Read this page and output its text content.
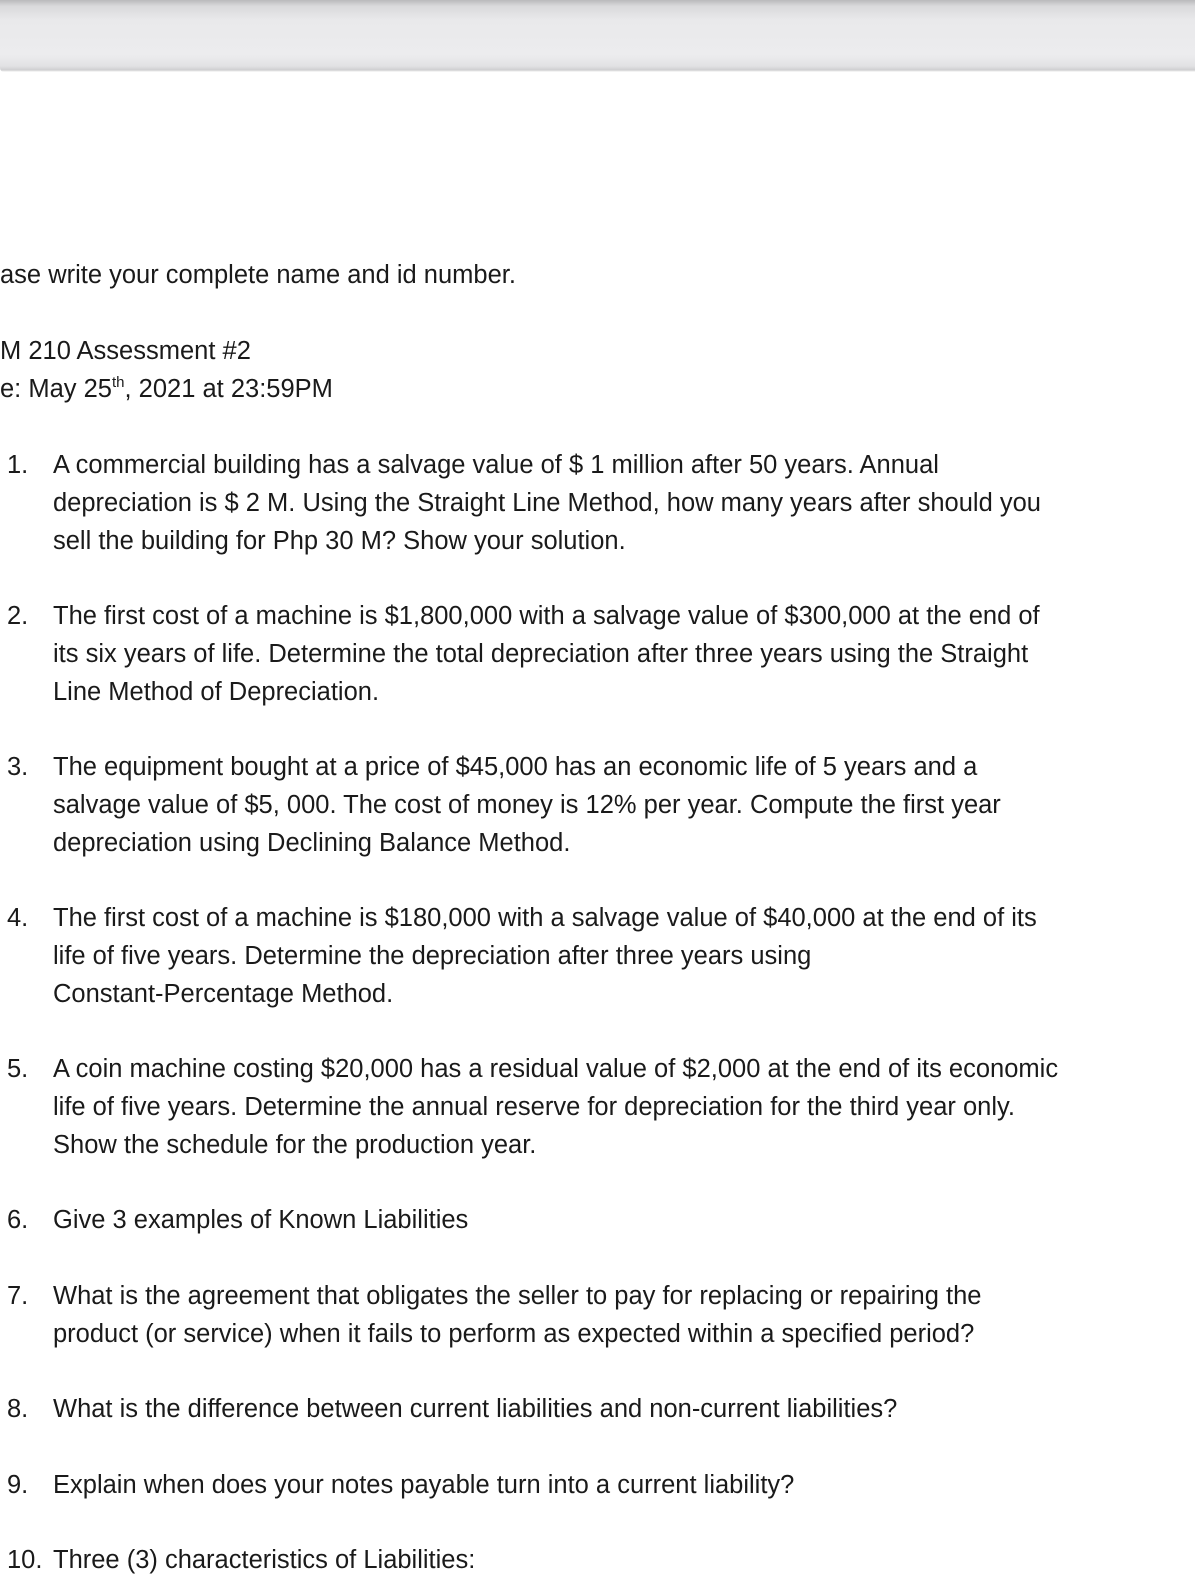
ase write your complete name and id number.
M 210 Assessment #2
e: May 25th, 2021 at 23:59PM
1. A commercial building has a salvage value of $ 1 million after 50 years. Annual
depreciation is $ 2 M. Using the Straight Line Method, how many years after should you
sell the building for Php 30 M? Show your solution.
2. The first cost of a machine is $1,800,000 with a salvage value of $300,000 at the end of
its six years of life. Determine the total depreciation after three years using the Straight
Line Method of Depreciation.
3. The equipment bought at a price of $45,000 has an economic life of 5 years and a
salvage value of $5, 000. The cost of money is 12% per year. Compute the first year
depreciation using Declining Balance Method.
4. The first cost of a machine is $180,000 with a salvage value of $40,000 at the end of its
life of five years. Determine the depreciation after three years using
Constant-Percentage Method.
5. A coin machine costing $20,000 has a residual value of $2,000 at the end of its economic
life of five years. Determine the annual reserve for depreciation for the third year only.
Show the schedule for the production year.
6. Give 3 examples of Known Liabilities
7. What is the agreement that obligates the seller to pay for replacing or repairing the
product (or service) when it fails to perform as expected within a specified period?
8. What is the difference between current liabilities and non-current liabilities?
9. Explain when does your notes payable turn into a current liability?
10. Three (3) characteristics of Liabilities:
